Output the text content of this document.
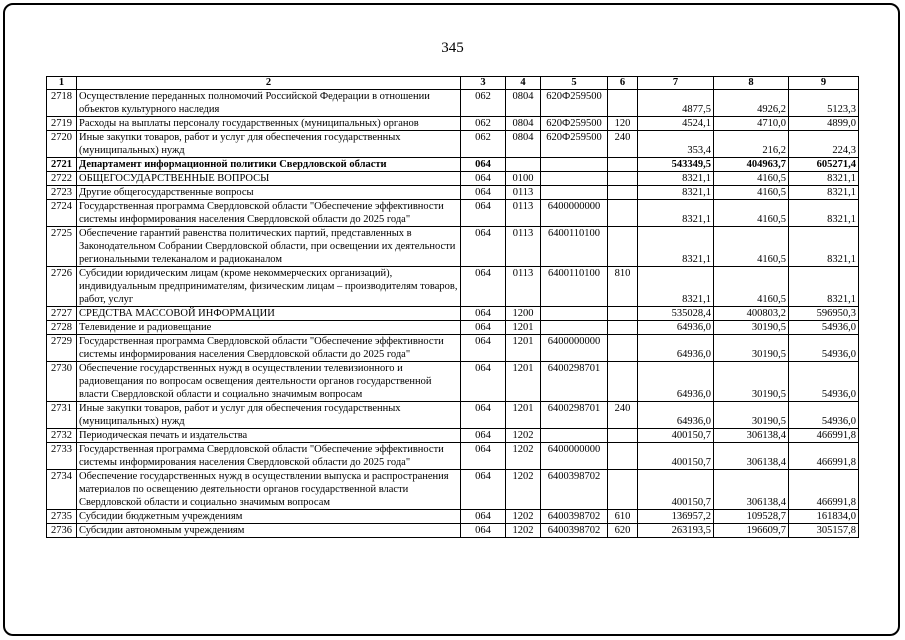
345
1	2	3	4	5	6	7	8	9
2718	Осуществление переданных полномочий Российской Федерации в отношении объектов культурного наследия	062	0804	620Ф259500		4877,5	4926,2	5123,3
2719	Расходы на выплаты персоналу государственных (муниципальных) органов	062	0804	620Ф259500	120	4524,1	4710,0	4899,0
2720	Иные закупки товаров, работ и услуг для обеспечения государственных (муниципальных) нужд	062	0804	620Ф259500	240	353,4	216,2	224,3
2721	Департамент информационной политики Свердловской области	064				543349,5	404963,7	605271,4
2722	ОБЩЕГОСУДАРСТВЕННЫЕ ВОПРОСЫ	064	0100			8321,1	4160,5	8321,1
2723	Другие общегосударственные вопросы	064	0113			8321,1	4160,5	8321,1
2724	Государственная программа Свердловской области "Обеспечение эффективности системы информирования населения Свердловской области до 2025 года"	064	0113	6400000000		8321,1	4160,5	8321,1
2725	Обеспечение гарантий равенства политических партий, представленных в Законодательном Собрании Свердловской области, при освещении их деятельности региональными телеканалом и радиоканалом	064	0113	6400110100		8321,1	4160,5	8321,1
2726	Субсидии юридическим лицам (кроме некоммерческих организаций), индивидуальным предпринимателям, физическим лицам – производителям товаров, работ, услуг	064	0113	6400110100	810	8321,1	4160,5	8321,1
2727	СРЕДСТВА МАССОВОЙ ИНФОРМАЦИИ	064	1200			535028,4	400803,2	596950,3
2728	Телевидение и радиовещание	064	1201			64936,0	30190,5	54936,0
2729	Государственная программа Свердловской области "Обеспечение эффективности системы информирования населения Свердловской области до 2025 года"	064	1201	6400000000		64936,0	30190,5	54936,0
2730	Обеспечение государственных нужд в осуществлении телевизионного и радиовещания по вопросам освещения деятельности органов государственной власти Свердловской области и социально значимым вопросам	064	1201	6400298701		64936,0	30190,5	54936,0
2731	Иные закупки товаров, работ и услуг для обеспечения государственных (муниципальных) нужд	064	1201	6400298701	240	64936,0	30190,5	54936,0
2732	Периодическая печать и издательства	064	1202			400150,7	306138,4	466991,8
2733	Государственная программа Свердловской области "Обеспечение эффективности системы информирования населения Свердловской области до 2025 года"	064	1202	6400000000		400150,7	306138,4	466991,8
2734	Обеспечение государственных нужд в осуществлении выпуска и распространения материалов по освещению деятельности органов государственной власти Свердловской области и социально значимым вопросам	064	1202	6400398702		400150,7	306138,4	466991,8
2735	Субсидии бюджетным учреждениям	064	1202	6400398702	610	136957,2	109528,7	161834,0
2736	Субсидии автономным учреждениям	064	1202	6400398702	620	263193,5	196609,7	305157,8
